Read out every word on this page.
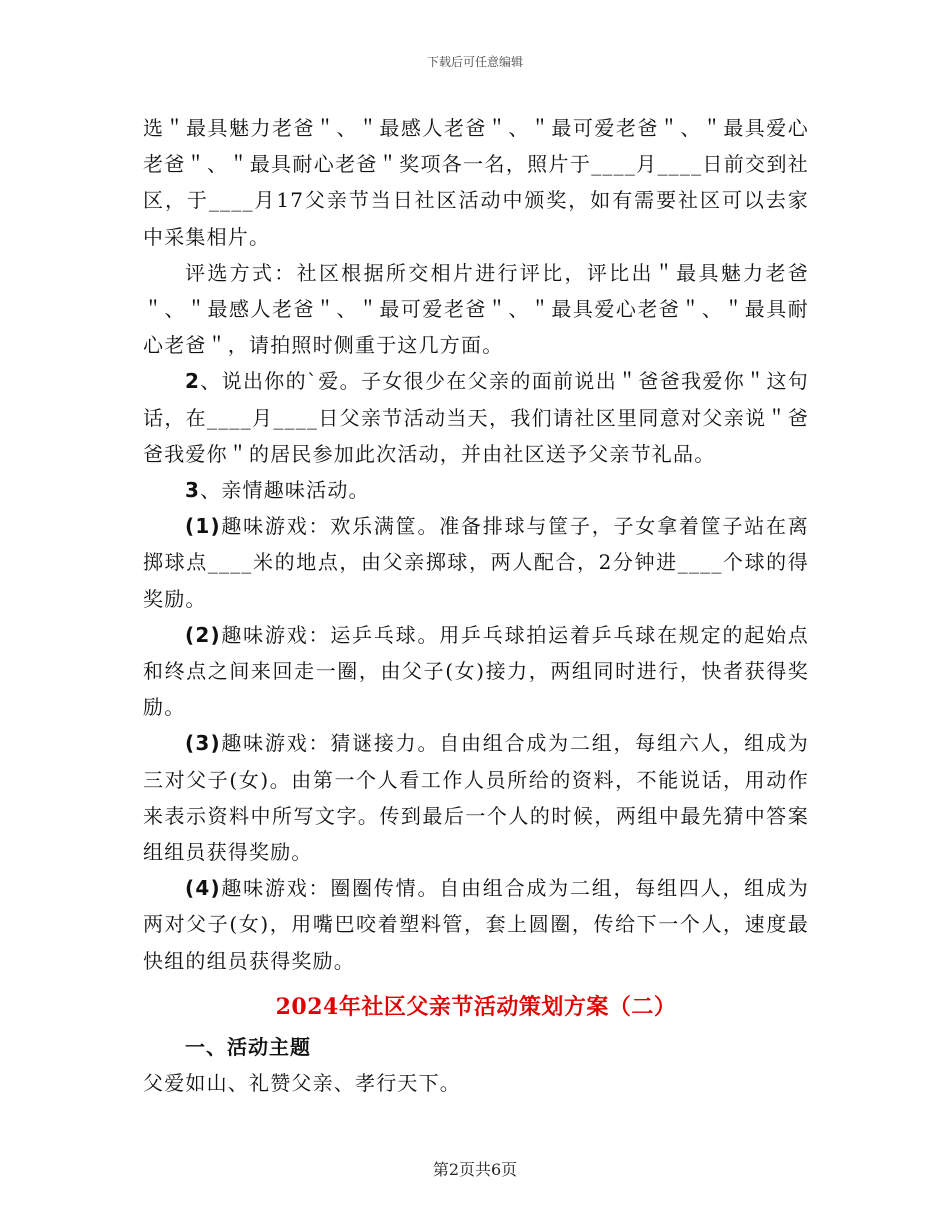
下载后可任意编辑

选＂最具魅力老爸＂、＂最感人老爸＂、＂最可爱老爸＂、＂最具爱心老爸＂、＂最具耐心老爸＂奖项各一名，照片于____月____日前交到社区，于____月17父亲节当日社区活动中颁奖，如有需要社区可以去家中采集相片。

评选方式：社区根据所交相片进行评比，评比出＂最具魅力老爸＂、＂最感人老爸＂、＂最可爱老爸＂、＂最具爱心老爸＂、＂最具耐心老爸＂，请拍照时侧重于这几方面。

2、说出你的`爱。子女很少在父亲的面前说出＂爸爸我爱你＂这句话，在____月____日父亲节活动当天，我们请社区里同意对父亲说＂爸爸我爱你＂的居民参加此次活动，并由社区送予父亲节礼品。

3、亲情趣味活动。

(1)趣味游戏：欢乐满筐。准备排球与筐子，子女拿着筐子站在离掷球点____米的地点，由父亲掷球，两人配合，2分钟进____个球的得奖励。

(2)趣味游戏：运乒乓球。用乒乓球拍运着乒乓球在规定的起始点和终点之间来回走一圈，由父子(女)接力，两组同时进行，快者获得奖励。

(3)趣味游戏：猜谜接力。自由组合成为二组，每组六人，组成为三对父子(女)。由第一个人看工作人员所给的资料，不能说话，用动作来表示资料中所写文字。传到最后一个人的时候，两组中最先猜中答案组组员获得奖励。

(4)趣味游戏：圈圈传情。自由组合成为二组，每组四人，组成为两对父子(女)，用嘴巴咬着塑料管，套上圆圈，传给下一个人，速度最快组的组员获得奖励。

2024年社区父亲节活动策划方案（二）
一、活动主题

父爱如山、礼赞父亲、孝行天下。

第2页共6页
